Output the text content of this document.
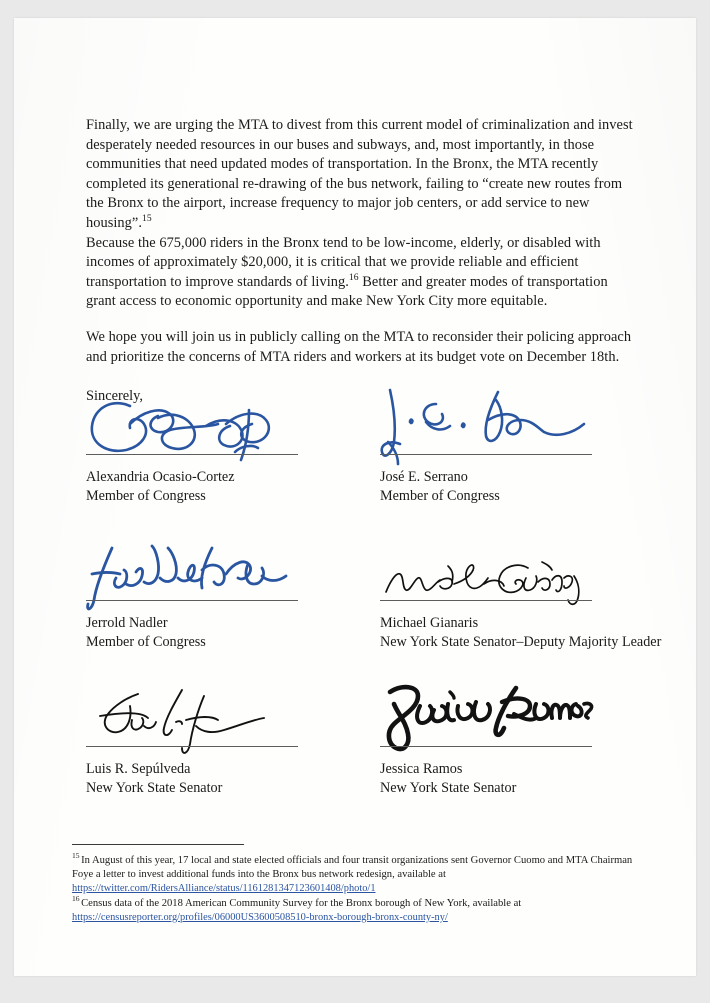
Finally, we are urging the MTA to divest from this current model of criminalization and invest desperately needed resources in our buses and subways, and, most importantly, in those communities that need updated modes of transportation. In the Bronx, the MTA recently completed its generational re-drawing of the bus network, failing to “create new routes from the Bronx to the airport, increase frequency to major job centers, or add service to new housing”.$^{15}$
Because the 675,000 riders in the Bronx tend to be low-income, elderly, or disabled with incomes of approximately $20,000, it is critical that we provide reliable and efficient transportation to improve standards of living.$^{16}$ Better and greater modes of transportation grant access to economic opportunity and make New York City more equitable.

We hope you will join us in publicly calling on the MTA to reconsider their policing approach and prioritize the concerns of MTA riders and workers at its budget vote on December 18th.

Sincerely,

Alexandria Ocasio-Cortez
Member of Congress
José E. Serrano
Member of Congress
Jerrold Nadler
Member of Congress
Michael Gianaris
New York State Senator–Deputy Majority Leader
Luis R. Sepúlveda
New York State Senator
Jessica Ramos
New York State Senator
$^{15}$ In August of this year, 17 local and state elected officials and four transit organizations sent Governor Cuomo and MTA Chairman Foye a letter to invest additional funds into the Bronx bus network redesign, available at
https://twitter.com/RidersAlliance/status/1161281347123601408/photo/1
$^{16}$ Census data of the 2018 American Community Survey for the Bronx borough of New York, available at
https://censusreporter.org/profiles/06000US3600508510-bronx-borough-bronx-county-ny/
